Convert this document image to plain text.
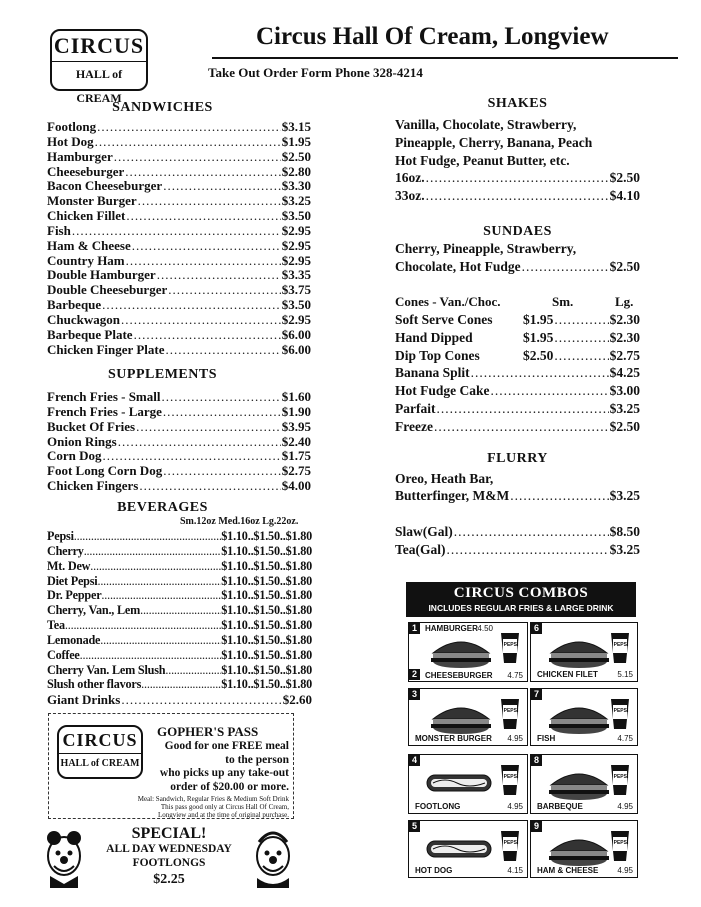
CIRCUS
HALL of CREAM
Circus Hall Of Cream, Longview
Take Out Order Form Phone 328-4214
SANDWICHES
Footlong .....	$3.15
Hot Dog .....	$1.95
Hamburger .....	$2.50
Cheeseburger .....	$2.80
Bacon Cheeseburger .....	$3.30
Monster Burger .....	$3.25
Chicken Fillet .....	$3.50
Fish .....	$2.95
Ham & Cheese .....	$2.95
Country Ham .....	$2.95
Double Hamburger .....	$3.35
Double Cheeseburger .....	$3.75
Barbeque .....	$3.50
Chuckwagon .....	$2.95
Barbeque Plate .....	$6.00
Chicken Finger Plate .....	$6.00
SUPPLEMENTS
French Fries - Small .....	$1.60
French Fries - Large .....	$1.90
Bucket Of Fries .....	$3.95
Onion Rings .....	$2.40
Corn Dog .....	$1.75
Foot Long Corn Dog .....	$2.75
Chicken Fingers .....	$4.00
BEVERAGES
Sm.12oz Med.16oz Lg.22oz.
Pepsi .....	$1.10 .. $1.50 .. $1.80
Cherry .....	$1.10 .. $1.50 .. $1.80
Mt. Dew .....	$1.10 .. $1.50 .. $1.80
Diet Pepsi .....	$1.10 .. $1.50 .. $1.80
Dr. Pepper .....	$1.10 .. $1.50 .. $1.80
Cherry, Van., Lem .....	$1.10 .. $1.50 .. $1.80
Tea .....	$1.10 .. $1.50 .. $1.80
Lemonade .....	$1.10 .. $1.50 .. $1.80
Coffee .....	$1.10 .. $1.50 .. $1.80
Cherry Van. Lem Slush .....	$1.10 .. $1.50 .. $1.80
Slush other flavors .....	$1.10 .. $1.50 .. $1.80
Giant Drinks .....	$2.60
CIRCUS
HALL of CREAM
GOPHER'S PASS
Good for one FREE meal
to the person
who picks up any take-out
order of $20.00 or more.
Meal: Sandwich, Regular Fries & Medium Soft Drink
This pass good only at Circus Hall Of Cream,
Longview and at the time of original purchase.
SPECIAL!
ALL DAY WEDNESDAY
FOOTLONGS
$2.25
SHAKES
Vanilla, Chocolate, Strawberry,
Pineapple, Cherry, Banana, Peach
Hot Fudge, Peanut Butter, etc.
16oz. .....	$2.50
33oz. .....	$4.10
SUNDAES
Cherry, Pineapple, Strawberry,
Chocolate, Hot Fudge .....	$2.50
Cones - Van./Choc.	Sm.	Lg.
Soft Serve Cones	$1.95 .....	$2.30
Hand Dipped	$1.95 .....	$2.30
Dip Top Cones	$2.50 .....	$2.75
Banana Split .....	$4.25
Hot Fudge Cake .....	$3.00
Parfait .....	$3.25
Freeze .....	$2.50
FLURRY
Oreo, Heath Bar,
Butterfinger, M&M .....	$3.25
Slaw(Gal) .....	$8.50
Tea(Gal) .....	$3.25
CIRCUS COMBOS
INCLUDES REGULAR FRIES & LARGE DRINK
1
2
HAMBURGER 4.50
CHEESEBURGER 4.75
PEPSI
6
CHICKEN FILET 5.15
PEPSI
3
MONSTER BURGER 4.95
PEPSI
7
FISH	4.75
PEPSI
4
FOOTLONG	4.95
PEPSI
8
BARBEQUE	4.95
PEPSI
5
HOT DOG	4.15
PEPSI
9
HAM & CHEESE 4.95
PEPSI
